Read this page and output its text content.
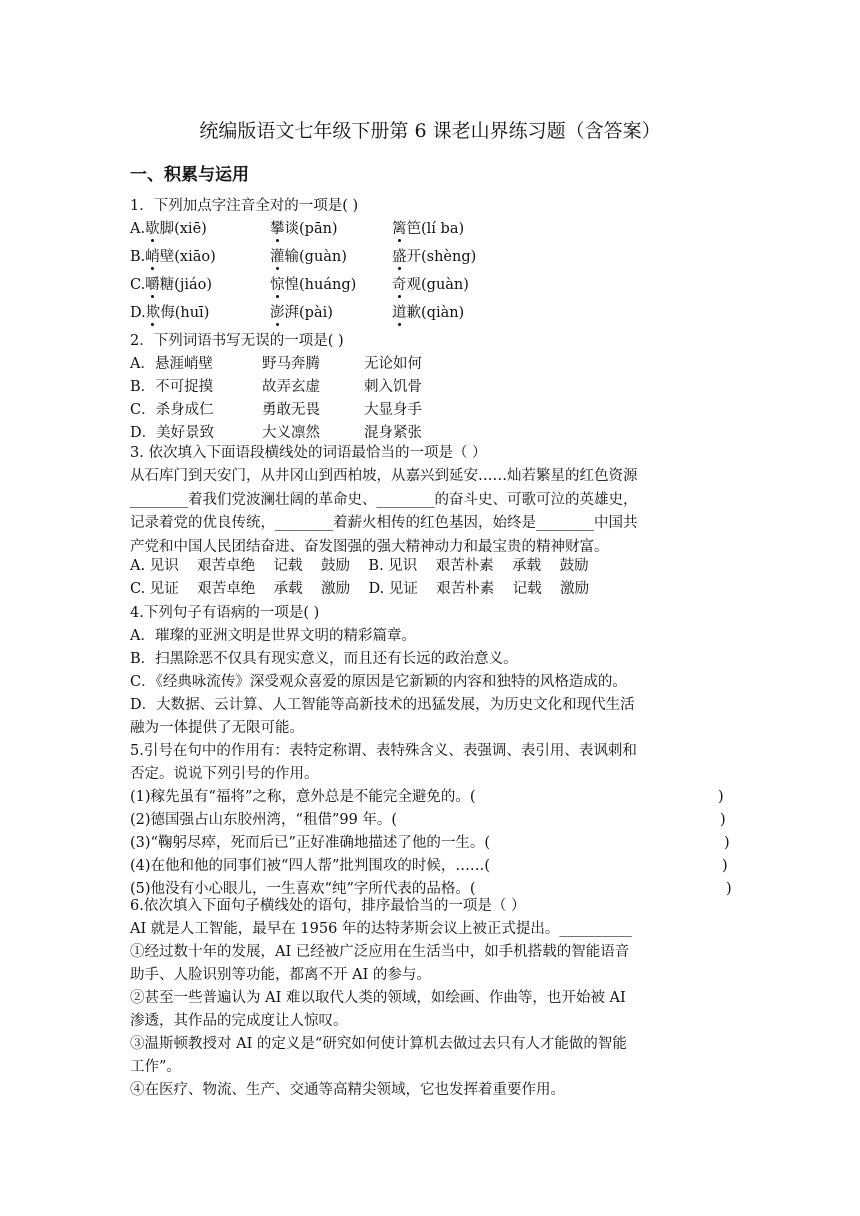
统编版语文七年级下册第 6 课老山界练习题（含答案）
一、积累与运用
1．下列加点字注音全对的一项是( )
A.歇脚(xiē)	攀谈(pān)	篱笆(lí ba)
B.峭壁(xiāo)	灌输(guàn)	盛开(shèng)
C.嚼糖(jiáo)	惊惶(huáng) 奇观(guàn)
D.欺侮(huī)	澎湃(pài)	道歉(qiàn)
2．下列词语书写无误的一项是( )
A．悬涯峭壁	野马奔腾	无论如何
B．不可捉摸	故弄玄虚	刺入饥骨
C．杀身成仁	勇敢无畏	大显身手
D．美好景致	大义凛然	混身紧张
3. 依次填入下面语段横线处的词语最恰当的一项是（ ）
从石库门到天安门，从井冈山到西柏坡，从嘉兴到延安……灿若繁星的红色资源
________着我们党波澜壮阔的革命史、________的奋斗史、可歌可泣的英雄史，
记录着党的优良传统，________着薪火相传的红色基因，始终是________中国共
产党和中国人民团结奋进、奋发图强的强大精神动力和最宝贵的精神财富。
A. 见识    艰苦卓绝    记载    鼓励    B. 见识    艰苦朴素    承载    鼓励
C. 见证    艰苦卓绝    承载    激励    D. 见证    艰苦朴素    记载    激励
4.下列句子有语病的一项是( )
A．璀璨的亚洲文明是世界文明的精彩篇章。
B．扫黑除恶不仅具有现实意义，而且还有长远的政治意义。
C．《经典咏流传》深受观众喜爱的原因是它新颖的内容和独特的风格造成的。
D．大数据、云计算、人工智能等高新技术的迅猛发展，为历史文化和现代生活
融为一体提供了无限可能。
5.引号在句中的作用有：表特定称谓、表特殊含义、表强调、表引用、表讽刺和
否定。说说下列引号的作用。
(1)稼先虽有“福将”之称，意外总是不能完全避免的。(	)
(2)德国强占山东胶州湾，“租借”99 年。(	)
(3)“鞠躬尽瘁，死而后已”正好准确地描述了他的一生。(	)
(4)在他和他的同事们被“四人帮”批判围攻的时候，……(	)
(5)他没有小心眼儿，一生喜欢“纯”字所代表的品格。(	)
6.依次填入下面句子横线处的语句，排序最恰当的一项是（ ）
AI 就是人工智能，最早在 1956 年的达特茅斯会议上被正式提出。__________
①经过数十年的发展，AI 已经被广泛应用在生活当中，如手机搭载的智能语音
助手、人脸识别等功能，都离不开 AI 的参与。
②甚至一些普遍认为 AI 难以取代人类的领域，如绘画、作曲等，也开始被 AI
渗透，其作品的完成度让人惊叹。
③温斯顿教授对 AI 的定义是“研究如何使计算机去做过去只有人才能做的智能
工作”。
④在医疗、物流、生产、交通等高精尖领域，它也发挥着重要作用。
